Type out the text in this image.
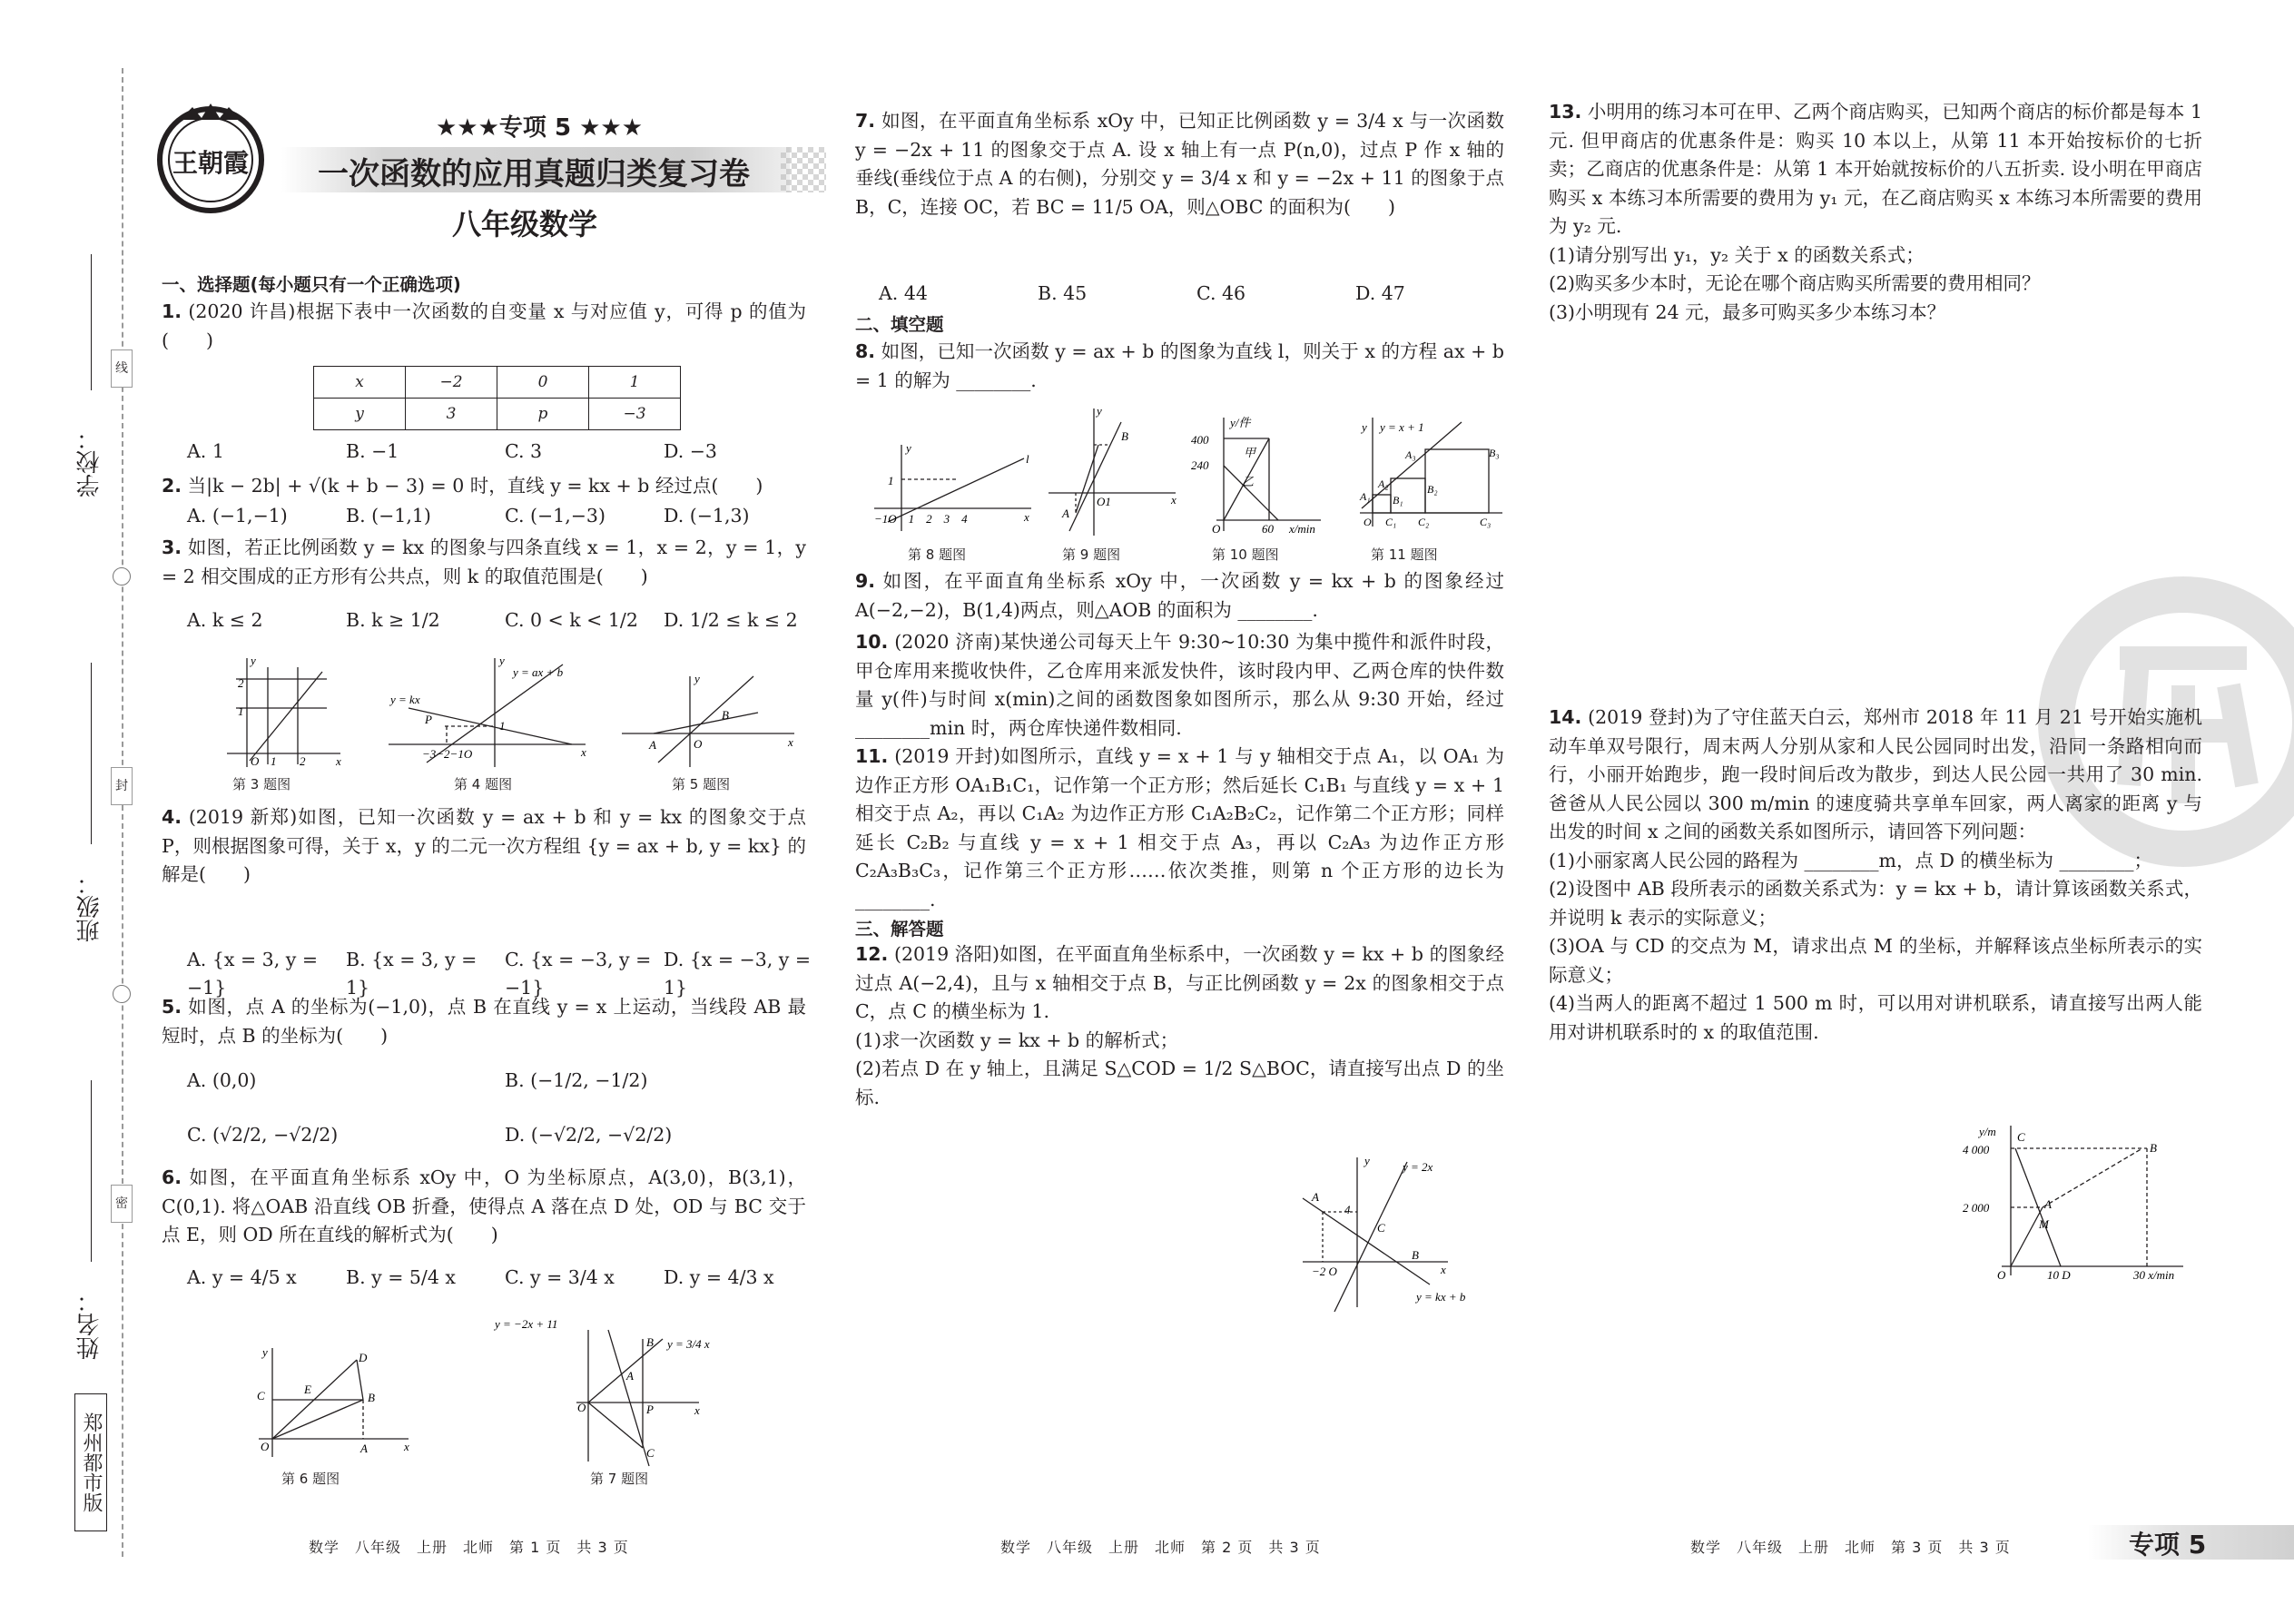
学校：
班级：
姓名：
线
封
密
郑州都市版
王朝霞
★★★专项 5 ★★★
一次函数的应用真题归类复习卷
八年级数学
一、选择题(每小题只有一个正确选项)

1. (2020 许昌)根据下表中一次函数的自变量 x 与对应值 y，可得 p 的值为(　　)

x	−2	0	1
y	3	p	−3
A. 1	B. −1	C. 3	D. −3

2. 当|k − 2b| + √(k + b − 3) = 0 时，直线 y = kx + b 经过点(　　)

A. (−1,−1)	B. (−1,1)	C. (−1,−3)	D. (−1,3)

3. 如图，若正比例函数 y = kx 的图象与四条直线 x = 1，x = 2，y = 1，y = 2 相交围成的正方形有公共点，则 k 的取值范围是(　　)

A. k ≤ 2	B. k ≥ 1/2	C. 0 < k < 1/2	D. 1/2 ≤ k ≤ 2
2
1
O 1 2	x
y
第 3 题图
y = kx
y = ax + b
P	1
−3−2−1O	x
y
第 4 题图
A	O
B
x
y
第 5 题图

4. (2019 新郑)如图，已知一次函数 y = ax + b 和 y = kx 的图象交于点 P，则根据图象可得，关于 x，y 的二元一次方程组 {y = ax + b, y = kx} 的解是(　　)

A. {x = 3, y = −1}
B. {x = 3, y = 1}
C. {x = −3, y = −1}
D. {x = −3, y = 1}

5. 如图，点 A 的坐标为(−1,0)，点 B 在直线 y = x 上运动，当线段 AB 最短时，点 B 的坐标为(　　)

A. (0,0)	B. (−1/2, −1/2)
C. (√2/2, −√2/2)	D. (−√2/2, −√2/2)

6. 如图，在平面直角坐标系 xOy 中，O 为坐标原点，A(3,0)，B(3,1)，C(0,1). 将△OAB 沿直线 OB 折叠，使得点 A 落在点 D 处，OD 与 BC 交于点 E，则 OD 所在直线的解析式为(　　)

A. y = 4/5 x	B. y = 5/4 x	C. y = 3/4 x	D. y = 4/3 x
C	E
D
B
A
O	x
y
第 6 题图
y = −2x + 11
y = 3/4 x
A
B
C
O	P	x
第 7 题图

7. 如图，在平面直角坐标系 xOy 中，已知正比例函数 y = 3/4 x 与一次函数 y = −2x + 11 的图象交于点 A. 设 x 轴上有一点 P(n,0)，过点 P 作 x 轴的垂线(垂线位于点 A 的右侧)，分别交 y = 3/4 x 和 y = −2x + 11 的图象于点 B，C，连接 OC，若 BC = 11/5 OA，则△OBC 的面积为(　　)

A. 44	B. 45	C. 46	D. 47
二、填空题

8. 如图，已知一次函数 y = ax + b 的图象为直线 l，则关于 x 的方程 ax + b = 1 的解为 ________.

1
y
l
−1O　1　2　3　4	x
第 8 题图
B
A
O1	x
y
第 9 题图
400
240
y/件
甲
乙
O	60 x/min
第 10 题图
y = x + 1
y
A₁
A₂
A₃
B₁
B₂
B₃
O C₁ C₂	C₃
第 11 题图

9. 如图，在平面直角坐标系 xOy 中，一次函数 y = kx + b 的图象经过 A(−2,−2)，B(1,4)两点，则△AOB 的面积为 ________.

10. (2020 济南)某快递公司每天上午 9:30~10:30 为集中揽件和派件时段，甲仓库用来揽收快件，乙仓库用来派发快件，该时段内甲、乙两仓库的快件数量 y(件)与时间 x(min)之间的函数图象如图所示，那么从 9:30 开始，经过 ________min 时，两仓库快递件数相同.

11. (2019 开封)如图所示，直线 y = x + 1 与 y 轴相交于点 A₁，以 OA₁ 为边作正方形 OA₁B₁C₁，记作第一个正方形；然后延长 C₁B₁ 与直线 y = x + 1 相交于点 A₂，再以 C₁A₂ 为边作正方形 C₁A₂B₂C₂，记作第二个正方形；同样延长 C₂B₂ 与直线 y = x + 1 相交于点 A₃，再以 C₂A₃ 为边作正方形 C₂A₃B₃C₃，记作第三个正方形……依次类推，则第 n 个正方形的边长为 ________.

三、解答题

12. (2019 洛阳)如图，在平面直角坐标系中，一次函数 y = kx + b 的图象经过点 A(−2,4)，且与 x 轴相交于点 B，与正比例函数 y = 2x 的图象相交于点 C，点 C 的横坐标为 1.

(1)求一次函数 y = kx + b 的解析式；

(2)若点 D 在 y 轴上，且满足 S△COD = 1/2 S△BOC，请直接写出点 D 的坐标.

A
4
C
B
−2 O	x
y	y = 2x
y = kx + b

13. 小明用的练习本可在甲、乙两个商店购买，已知两个商店的标价都是每本 1 元. 但甲商店的优惠条件是：购买 10 本以上，从第 11 本开始按标价的七折卖；乙商店的优惠条件是：从第 1 本开始就按标价的八五折卖. 设小明在甲商店购买 x 本练习本所需要的费用为 y₁ 元，在乙商店购买 x 本练习本所需要的费用为 y₂ 元.

(1)请分别写出 y₁，y₂ 关于 x 的函数关系式；

(2)购买多少本时，无论在哪个商店购买所需要的费用相同？

(3)小明现有 24 元，最多可购买多少本练习本？

14. (2019 登封)为了守住蓝天白云，郑州市 2018 年 11 月 21 号开始实施机动车单双号限行，周末两人分别从家和人民公园同时出发，沿同一条路相向而行，小丽开始跑步，跑一段时间后改为散步，到达人民公园一共用了 30 min. 爸爸从人民公园以 300 m/min 的速度骑共享单车回家，两人离家的距离 y 与出发的时间 x 之间的函数关系如图所示，请回答下列问题：

(1)小丽家离人民公园的路程为 ________m，点 D 的横坐标为 ________；

(2)设图中 AB 段所表示的函数关系式为：y = kx + b，请计算该函数关系式，并说明 k 表示的实际意义；

(3)OA 与 CD 的交点为 M，请求出点 M 的坐标，并解释该点坐标所表示的实际意义；

(4)当两人的距离不超过 1 500 m 时，可以用对讲机联系，请直接写出两人能用对讲机联系时的 x 的取值范围.

4 000
2 000
y/m C
B
A
M
O	10 D	30 x/min
数学　八年级　上册　北师　第 1 页　共 3 页	数学　八年级　上册　北师　第 2 页　共 3 页	数学　八年级　上册　北师　第 3 页　共 3 页	专项 5
